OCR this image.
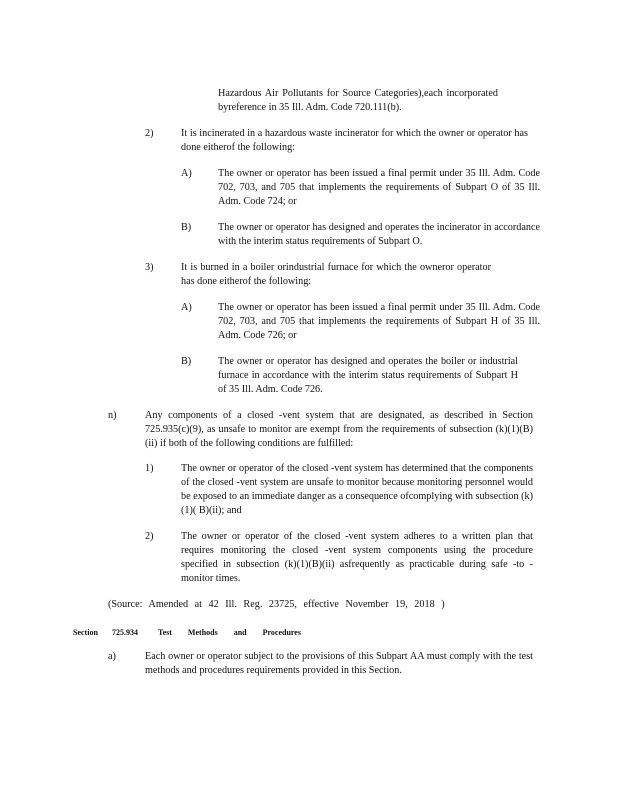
Hazardous Air Pollutants for Source Categories),each incorporated byreference in 35 Ill. Adm. Code 720.111(b).
2)	It is incinerated in a hazardous waste incinerator for which the owner or operator has done eitherof the following:
A)	The owner or operator has been issued a final permit under 35 Ill. Adm. Code 702, 703, and 705 that implements the requirements of Subpart O of 35 Ill. Adm. Code 724; or
B)	The owner or operator has designed and operates the incinerator in accordance with the interim status requirements of Subpart O.
3)	It is burned in a boiler orindustrial furnace for which the owneror operator has done eitherof the following:
A)	The owner or operator has been issued a final permit under 35 Ill. Adm. Code 702, 703, and 705 that implements the requirements of Subpart H of 35 Ill. Adm. Code 726; or
B)	The owner or operator has designed and operates the boiler or industrial furnace in accordance with the interim status requirements of Subpart H of 35 Ill. Adm. Code 726.
n)	Any components of a closed -vent system that are designated, as described in Section 725.935(c)(9), as unsafe to monitor are exempt from the requirements of subsection (k)(1)(B)(ii) if both of the following conditions are fulfilled:
1)	The owner or operator of the closed -vent system has determined that the components of the closed -vent system are unsafe to monitor because monitoring personnel would be exposed to an immediate danger as a consequence ofcomplying with subsection (k)(1)( B)(ii); and
2)	The owner or operator of the closed -vent system adheres to a written plan that requires monitoring the closed -vent system components using the procedure specified in subsection (k)(1)(B)(ii) asfrequently as practicable during safe -to -monitor times.
(Source: Amended at 42 Ill. Reg. 23725, effective November 19, 2018 )
Section 725.934	Test Methods and Procedures
a)	Each owner or operator subject to the provisions of this Subpart AA must comply with the test methods and procedures requirements provided in this Section.
